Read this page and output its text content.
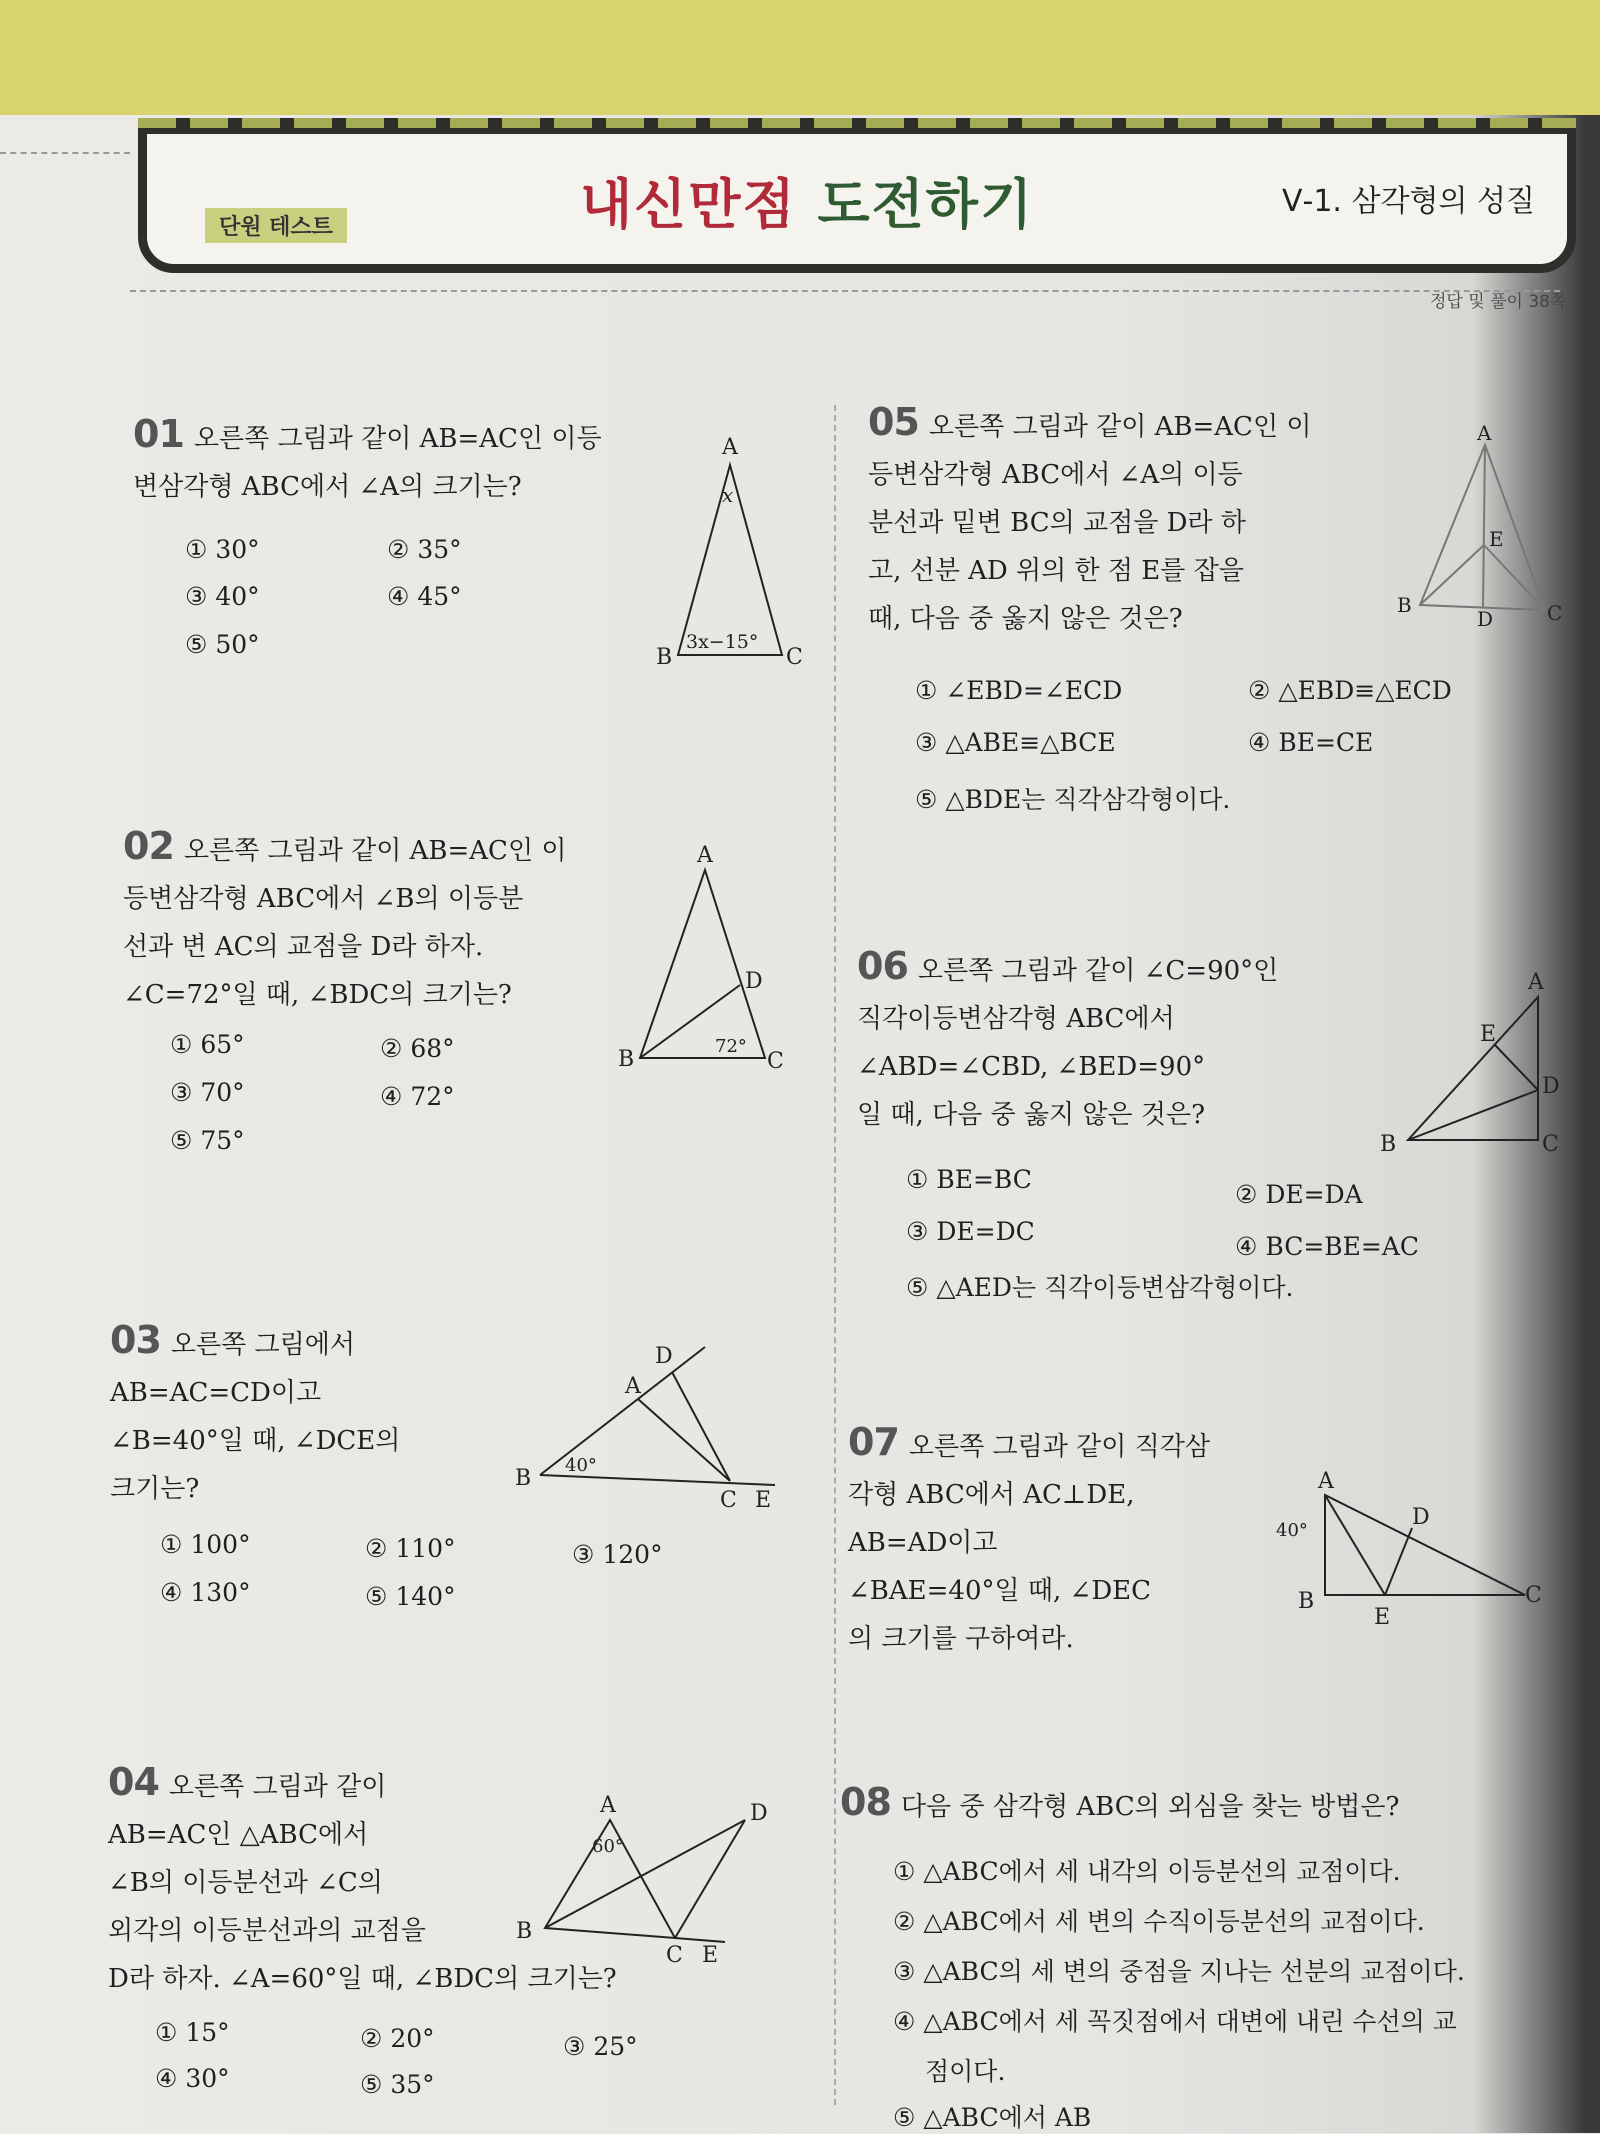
단원 테스트	내신만점 도전하기	Ⅴ-1. 삼각형의 성질
정답 및 풀이 38쪽
01 오른쪽 그림과 같이 AB=AC인 이등
변삼각형 ABC에서 ∠A의 크기는?
① 30°	② 35°
③ 40°	④ 45°
⑤ 50°
A
B	C
x
3x−15°
02 오른쪽 그림과 같이 AB=AC인 이
등변삼각형 ABC에서 ∠B의 이등분
선과 변 AC의 교점을 D라 하자.
∠C=72°일 때, ∠BDC의 크기는?
① 65°	② 68°
③ 70°	④ 72°
⑤ 75°
A
B	C
D
72°
03 오른쪽 그림에서
AB=AC=CD이고
∠B=40°일 때, ∠DCE의
크기는?
① 100°	② 110°	③ 120°
④ 130°	⑤ 140°
A
B
C
D
E
40°
04 오른쪽 그림과 같이
AB=AC인 △ABC에서
∠B의 이등분선과 ∠C의
외각의 이등분선과의 교점을
D라 하자. ∠A=60°일 때, ∠BDC의 크기는?
① 15°	② 20°	③ 25°
④ 30°	⑤ 35°
A
B
C
D
E
60°
05 오른쪽 그림과 같이 AB=AC인 이
등변삼각형 ABC에서 ∠A의 이등
분선과 밑변 BC의 교점을 D라 하
고, 선분 AD 위의 한 점 E를 잡을
때, 다음 중 옳지 않은 것은?
① ∠EBD=∠ECD	② △EBD≡△ECD
③ △ABE≡△BCE	④ BE=CE
⑤ △BDE는 직각삼각형이다.
A
B	C
D
E
06 오른쪽 그림과 같이 ∠C=90°인
직각이등변삼각형 ABC에서
∠ABD=∠CBD, ∠BED=90°
일 때, 다음 중 옳지 않은 것은?
① BE=BC
② DE=DA
③ DE=DC
④ BC=BE=AC
⑤ △AED는 직각이등변삼각형이다.
A
B	C
D
E
07 오른쪽 그림과 같이 직각삼
각형 ABC에서 AC⊥DE,
AB=AD이고
∠BAE=40°일 때, ∠DEC
의 크기를 구하여라.
A
B	C
D
E
40°
08 다음 중 삼각형 ABC의 외심을 찾는 방법은?
① △ABC에서 세 내각의 이등분선의 교점이다.
② △ABC에서 세 변의 수직이등분선의 교점이다.
③ △ABC의 세 변의 중점을 지나는 선분의 교점이다.
④ △ABC에서 세 꼭짓점에서 대변에 내린 수선의 교
점이다.
⑤ △ABC에서 AB
